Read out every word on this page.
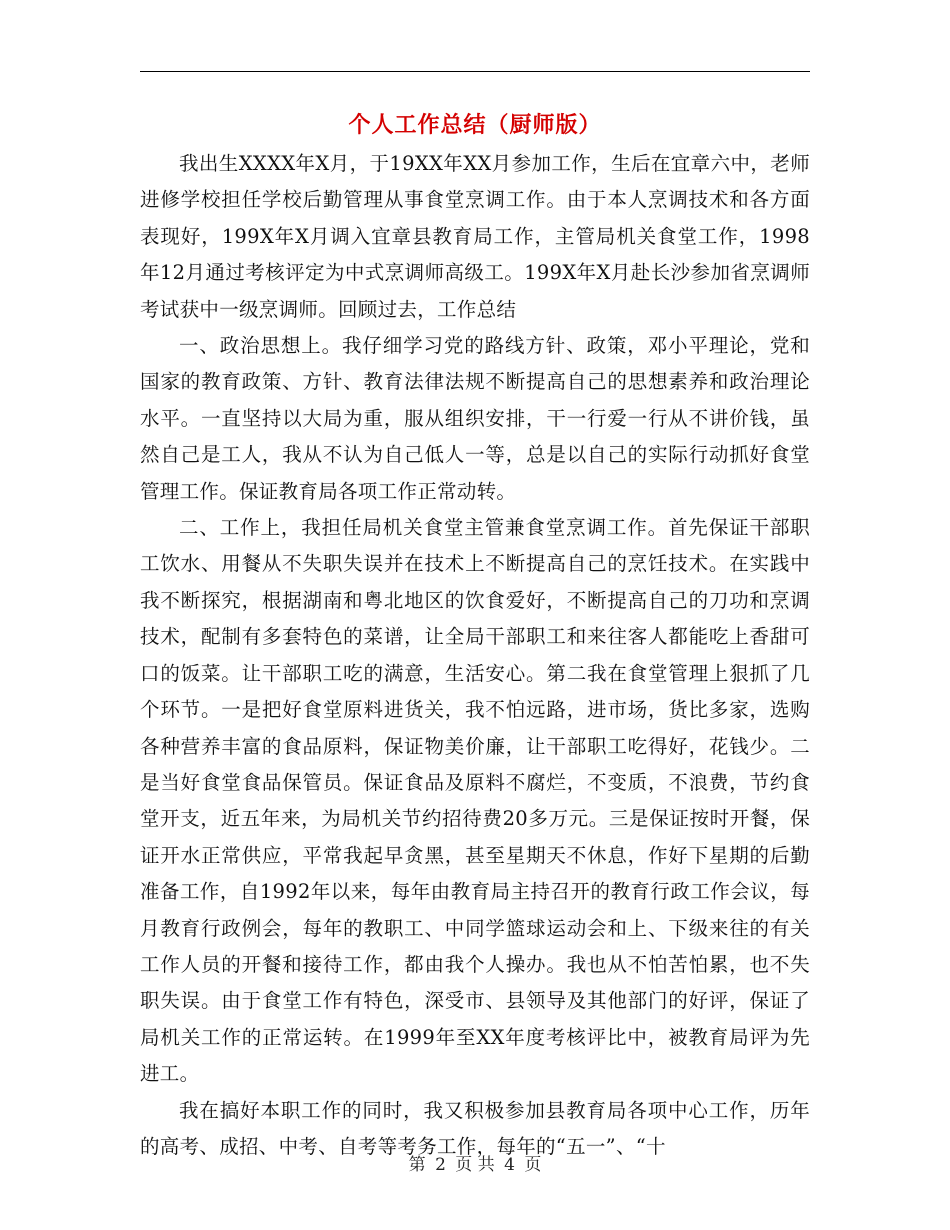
个人工作总结（厨师版）

我出生XXXX年X月，于19XX年XX月参加工作，生后在宜章六中，老师进修学校担任学校后勤管理从事食堂烹调工作。由于本人烹调技术和各方面表现好，199X年X月调入宜章县教育局工作，主管局机关食堂工作，1998年12月通过考核评定为中式烹调师高级工。199X年X月赴长沙参加省烹调师考试获中一级烹调师。回顾过去，工作总结

一、政治思想上。我仔细学习党的路线方针、政策，邓小平理论，党和国家的教育政策、方针、教育法律法规不断提高自己的思想素养和政治理论水平。一直坚持以大局为重，服从组织安排，干一行爱一行从不讲价钱，虽然自己是工人，我从不认为自己低人一等，总是以自己的实际行动抓好食堂管理工作。保证教育局各项工作正常动转。

二、工作上，我担任局机关食堂主管兼食堂烹调工作。首先保证干部职工饮水、用餐从不失职失误并在技术上不断提高自己的烹饪技术。在实践中我不断探究，根据湖南和粤北地区的饮食爱好，不断提高自己的刀功和烹调技术，配制有多套特色的菜谱，让全局干部职工和来往客人都能吃上香甜可口的饭菜。让干部职工吃的满意，生活安心。第二我在食堂管理上狠抓了几个环节。一是把好食堂原料进货关，我不怕远路，进市场，货比多家，选购各种营养丰富的食品原料，保证物美价廉，让干部职工吃得好，花钱少。二是当好食堂食品保管员。保证食品及原料不腐烂，不变质，不浪费，节约食堂开支，近五年来，为局机关节约招待费20多万元。三是保证按时开餐，保证开水正常供应，平常我起早贪黑，甚至星期天不休息，作好下星期的后勤准备工作，自1992年以来，每年由教育局主持召开的教育行政工作会议，每月教育行政例会，每年的教职工、中同学篮球运动会和上、下级来往的有关工作人员的开餐和接待工作，都由我个人操办。我也从不怕苦怕累，也不失职失误。由于食堂工作有特色，深受市、县领导及其他部门的好评，保证了局机关工作的正常运转。在1999年至XX年度考核评比中，被教育局评为先进工。

我在搞好本职工作的同时，我又积极参加县教育局各项中心工作，历年的高考、成招、中考、自考等考务工作，每年的“五一”、“十

第 2 页 共 4 页
